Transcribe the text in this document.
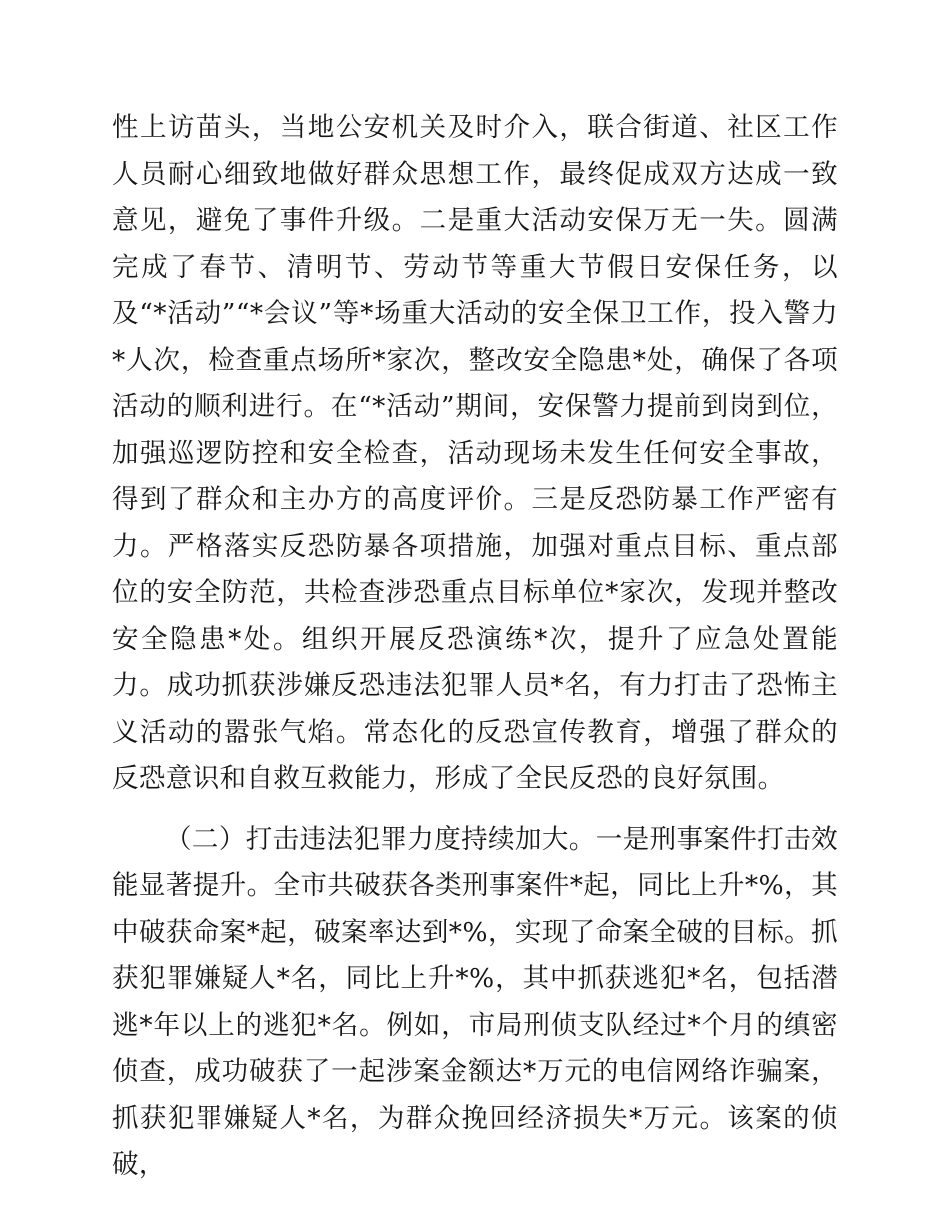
性上访苗头，当地公安机关及时介入，联合街道、社区工作人员耐心细致地做好群众思想工作，最终促成双方达成一致意见，避免了事件升级。二是重大活动安保万无一失。圆满完成了春节、清明节、劳动节等重大节假日安保任务，以及“*活动”“*会议”等*场重大活动的安全保卫工作，投入警力*人次，检查重点场所*家次，整改安全隐患*处，确保了各项活动的顺利进行。在“*活动”期间，安保警力提前到岗到位，加强巡逻防控和安全检查，活动现场未发生任何安全事故，得到了群众和主办方的高度评价。三是反恐防暴工作严密有力。严格落实反恐防暴各项措施，加强对重点目标、重点部位的安全防范，共检查涉恐重点目标单位*家次，发现并整改安全隐患*处。组织开展反恐演练*次，提升了应急处置能力。成功抓获涉嫌反恐违法犯罪人员*名，有力打击了恐怖主义活动的嚣张气焰。常态化的反恐宣传教育，增强了群众的反恐意识和自救互救能力，形成了全民反恐的良好氛围。

（二）打击违法犯罪力度持续加大。一是刑事案件打击效能显著提升。全市共破获各类刑事案件*起，同比上升*%，其中破获命案*起，破案率达到*%，实现了命案全破的目标。抓获犯罪嫌疑人*名，同比上升*%，其中抓获逃犯*名，包括潜逃*年以上的逃犯*名。例如，市局刑侦支队经过*个月的缜密侦查，成功破获了一起涉案金额达*万元的电信网络诈骗案，抓获犯罪嫌疑人*名，为群众挽回经济损失*万元。该案的侦破，
